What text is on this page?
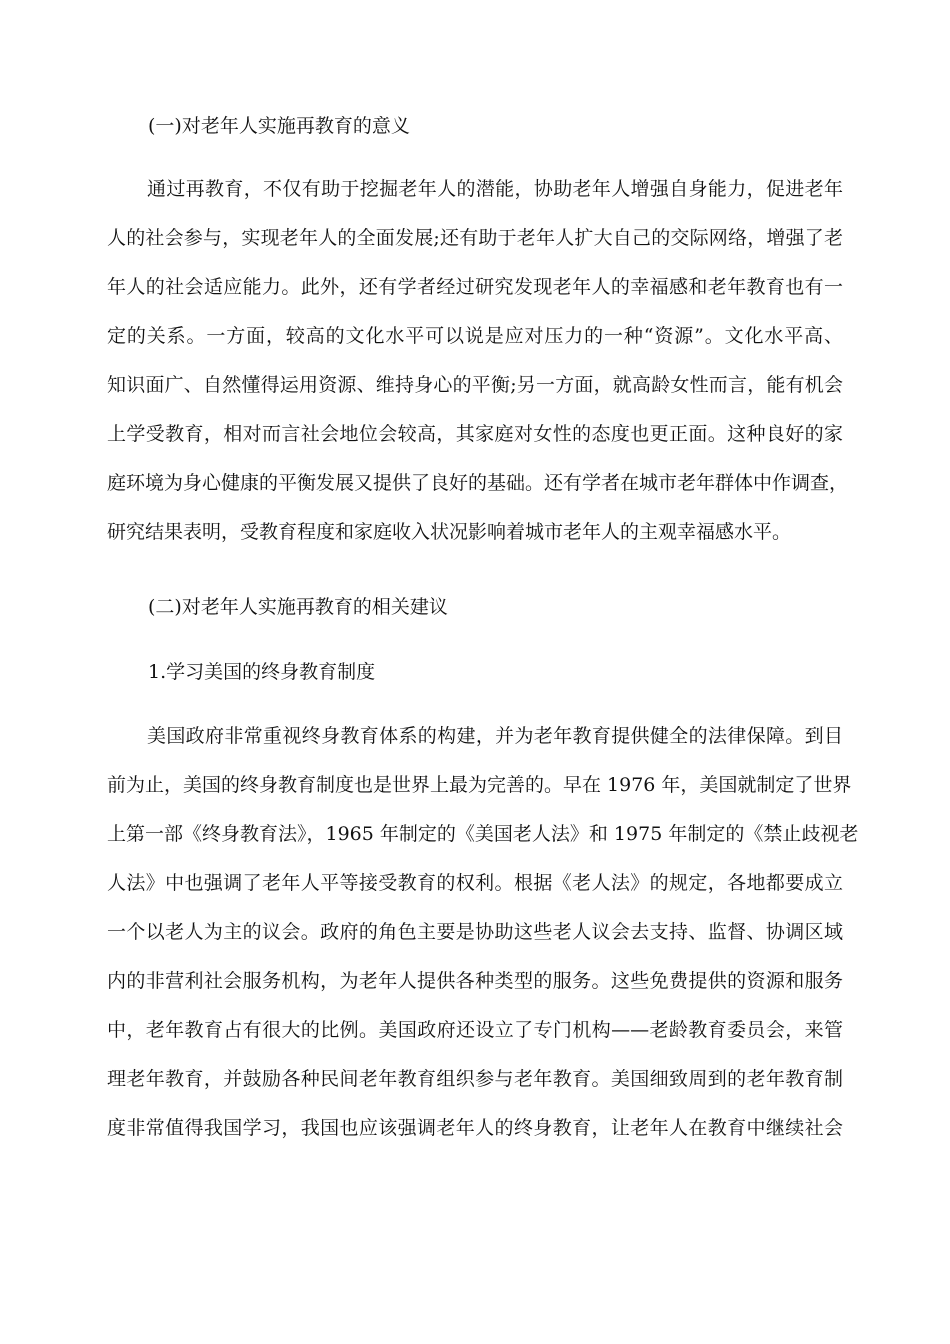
(一)对老年人实施再教育的意义

通过再教育，不仅有助于挖掘老年人的潜能，协助老年人增强自身能力，促进老年
人的社会参与，实现老年人的全面发展;还有助于老年人扩大自己的交际网络，增强了老
年人的社会适应能力。此外，还有学者经过研究发现老年人的幸福感和老年教育也有一
定的关系。一方面，较高的文化水平可以说是应对压力的一种“资源”。文化水平高、
知识面广、自然懂得运用资源、维持身心的平衡;另一方面，就高龄女性而言，能有机会
上学受教育，相对而言社会地位会较高，其家庭对女性的态度也更正面。这种良好的家
庭环境为身心健康的平衡发展又提供了良好的基础。还有学者在城市老年群体中作调查，
研究结果表明，受教育程度和家庭收入状况影响着城市老年人的主观幸福感水平。

(二)对老年人实施再教育的相关建议

1.学习美国的终身教育制度

美国政府非常重视终身教育体系的构建，并为老年教育提供健全的法律保障。到目
前为止，美国的终身教育制度也是世界上最为完善的。早在 1976 年，美国就制定了世界
上第一部《终身教育法》，1965 年制定的《美国老人法》和 1975 年制定的《禁止歧视老
人法》中也强调了老年人平等接受教育的权利。根据《老人法》的规定，各地都要成立
一个以老人为主的议会。政府的角色主要是协助这些老人议会去支持、监督、协调区域
内的非营利社会服务机构，为老年人提供各种类型的服务。这些免费提供的资源和服务
中，老年教育占有很大的比例。美国政府还设立了专门机构——老龄教育委员会，来管
理老年教育，并鼓励各种民间老年教育组织参与老年教育。美国细致周到的老年教育制
度非常值得我国学习，我国也应该强调老年人的终身教育，让老年人在教育中继续社会
